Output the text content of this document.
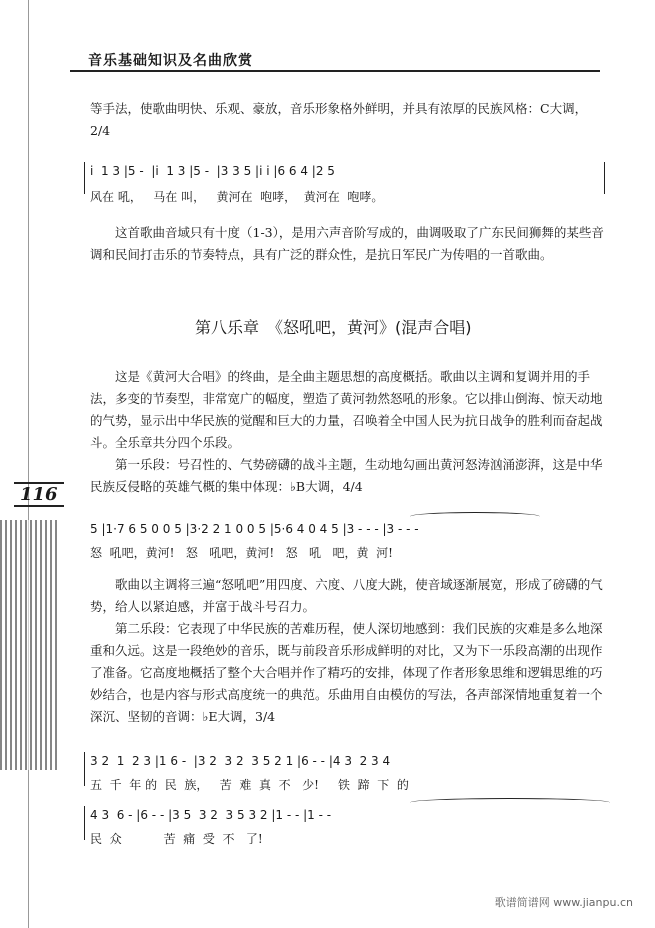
音乐基础知识及名曲欣赏
等手法，使歌曲明快、乐观、豪放，音乐形象格外鲜明，并具有浓厚的民族风格：C大调，2/4
i  1 3 |5 -  |i  1 3 |5 -  |3 3 5 |i i |6 6 4 |2 5
风在 吼，   马在 叫，   黄河在  咆哮，  黄河在  咆哮。
这首歌曲音域只有十度（1-3），是用六声音阶写成的，曲调吸取了广东民间狮舞的某些音调和民间打击乐的节奏特点，具有广泛的群众性，是抗日军民广为传唱的一首歌曲。
第八乐章　《怒吼吧，黄河》(混声合唱)
这是《黄河大合唱》的终曲，是全曲主题思想的高度概括。歌曲以主调和复调并用的手法，多变的节奏型，非常宽广的幅度，塑造了黄河勃然怒吼的形象。它以排山倒海、惊天动地的气势，显示出中华民族的觉醒和巨大的力量，召唤着全中国人民为抗日战争的胜利而奋起战斗。全乐章共分四个乐段。
第一乐段：号召性的、气势磅礴的战斗主题，生动地勾画出黄河怒涛汹涌澎湃，这是中华民族反侵略的英雄气概的集中体现：♭B大调，4/4
116
5 |1·7 6 5 0 0 5 |3·2 2 1 0 0 5 |5·6 4 0 4 5 |3 - - - |3 - - -
怒  吼吧，黄河!   怒   吼吧，黄河!   怒   吼   吧，黄  河!
歌曲以主调将三遍“怒吼吧”用四度、六度、八度大跳，使音域逐渐展宽，形成了磅礴的气势，给人以紧迫感，并富于战斗号召力。
第二乐段：它表现了中华民族的苦难历程，使人深切地感到：我们民族的灾难是多么地深重和久远。这是一段绝妙的音乐，既与前段音乐形成鲜明的对比，又为下一乐段高潮的出现作了准备。它高度地概括了整个大合唱并作了精巧的安排，体现了作者形象思维和逻辑思维的巧妙结合，也是内容与形式高度统一的典范。乐曲用自由模仿的写法，各声部深情地重复着一个深沉、坚韧的音调：♭E大调，3/4
3 2  1  2 3 |1 6 -  |3 2  3 2  3 5 2 1 |6 - - |4 3  2 3 4
五  千  年 的  民  族，   苦  难  真  不   少!     铁  蹄  下  的
4 3  6 - |6 - - |3 5  3 2  3 5 3 2 |1 - - |1 - -
民  众           苦  痛  受  不   了!
歌谱简谱网 www.jianpu.cn
